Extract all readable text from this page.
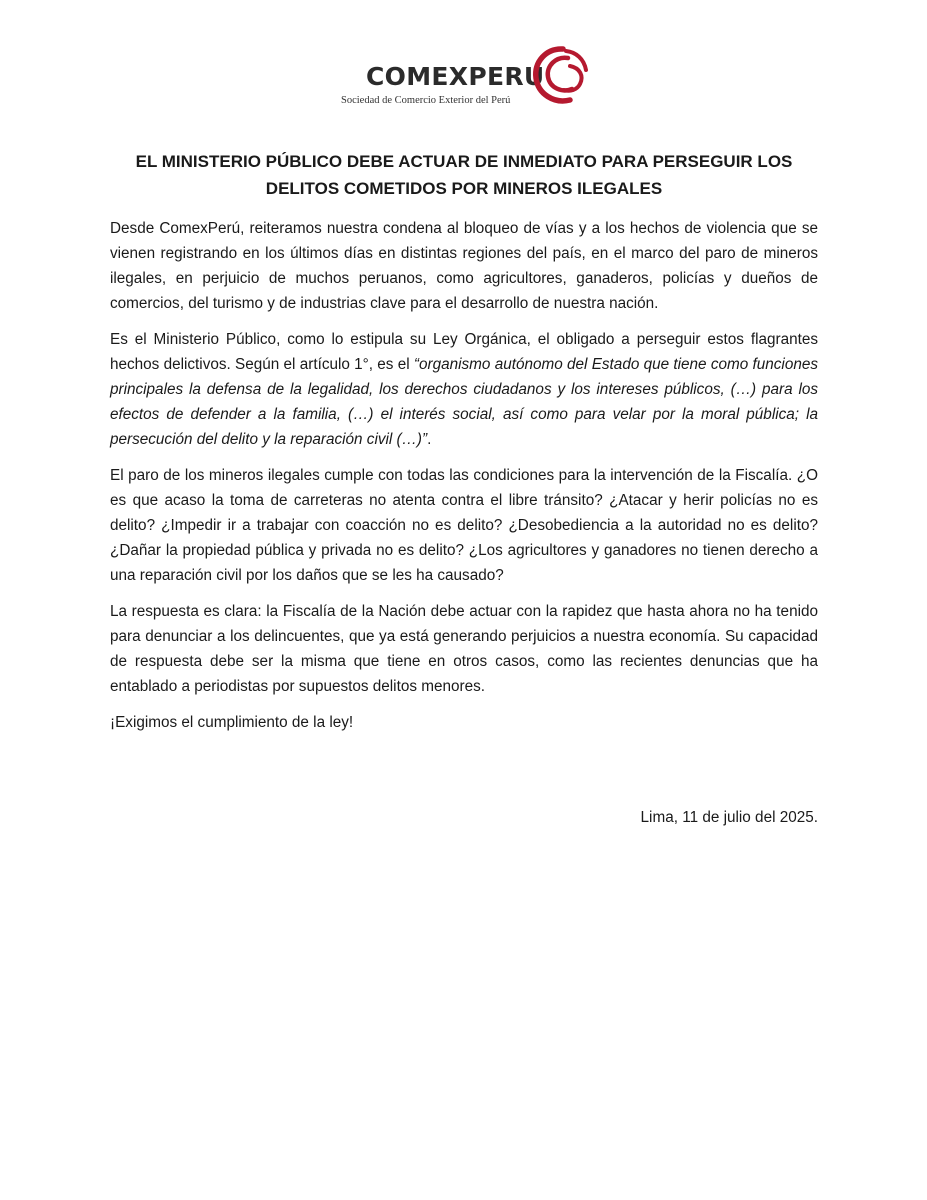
COMEXPERU
Sociedad de Comercio Exterior del Perú
EL MINISTERIO PÚBLICO DEBE ACTUAR DE INMEDIATO PARA PERSEGUIR LOS
DELITOS COMETIDOS POR MINEROS ILEGALES

Desde ComexPerú, reiteramos nuestra condena al bloqueo de vías y a los hechos de violencia que se vienen registrando en los últimos días en distintas regiones del país, en el marco del paro de mineros ilegales, en perjuicio de muchos peruanos, como agricultores, ganaderos, policías y dueños de comercios, del turismo y de industrias clave para el desarrollo de nuestra nación.

Es el Ministerio Público, como lo estipula su Ley Orgánica, el obligado a perseguir estos flagrantes hechos delictivos. Según el artículo 1°, es el “organismo autónomo del Estado que tiene como funciones principales la defensa de la legalidad, los derechos ciudadanos y los intereses públicos, (…) para los efectos de defender a la familia, (…) el interés social, así como para velar por la moral pública; la persecución del delito y la reparación civil (…)”.

El paro de los mineros ilegales cumple con todas las condiciones para la intervención de la Fiscalía. ¿O es que acaso la toma de carreteras no atenta contra el libre tránsito? ¿Atacar y herir policías no es delito? ¿Impedir ir a trabajar con coacción no es delito? ¿Desobediencia a la autoridad no es delito? ¿Dañar la propiedad pública y privada no es delito? ¿Los agricultores y ganadores no tienen derecho a una reparación civil por los daños que se les ha causado?

La respuesta es clara: la Fiscalía de la Nación debe actuar con la rapidez que hasta ahora no ha tenido para denunciar a los delincuentes, que ya está generando perjuicios a nuestra economía. Su capacidad de respuesta debe ser la misma que tiene en otros casos, como las recientes denuncias que ha entablado a periodistas por supuestos delitos menores.

¡Exigimos el cumplimiento de la ley!

Lima, 11 de julio del 2025.
